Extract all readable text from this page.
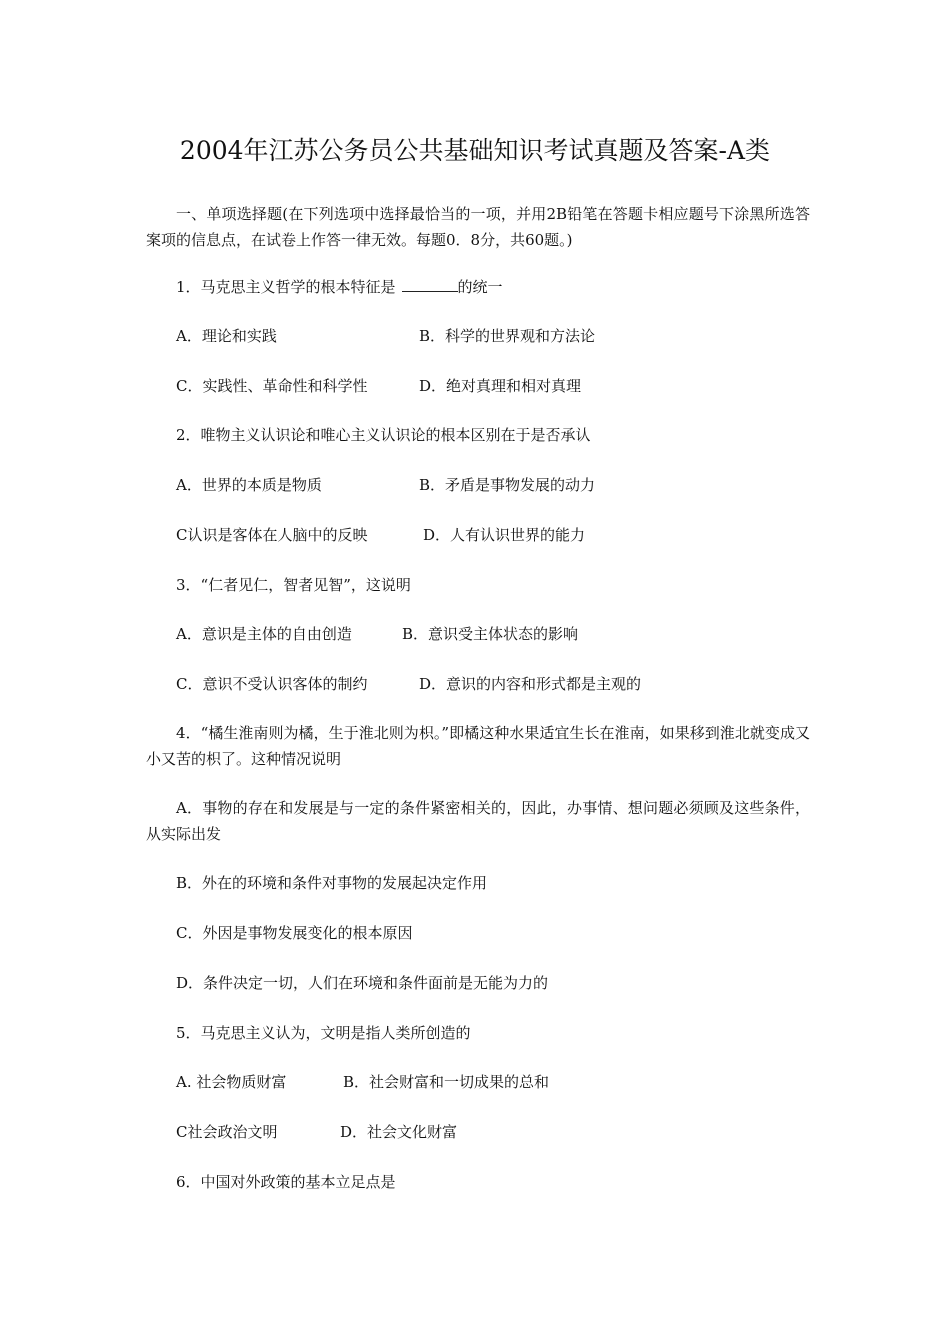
2004年江苏公务员公共基础知识考试真题及答案-A类
一、单项选择题(在下列选项中选择最恰当的一项，并用2B铅笔在答题卡相应题号下涂黑所选答案项的信息点，在试卷上作答一律无效。每题0．8分，共60题。)
1．马克思主义哲学的根本特征是	的统一
A．理论和实践	B．科学的世界观和方法论
C．实践性、革命性和科学性	D．绝对真理和相对真理
2．唯物主义认识论和唯心主义认识论的根本区别在于是否承认
A．世界的本质是物质	B．矛盾是事物发展的动力
C认识是客体在人脑中的反映	D．人有认识世界的能力
3．“仁者见仁，智者见智”，这说明
A．意识是主体的自由创造	B．意识受主体状态的影响
C．意识不受认识客体的制约	D．意识的内容和形式都是主观的
4．“橘生淮南则为橘，生于淮北则为枳。”即橘这种水果适宜生长在淮南，如果移到淮北就变成又小又苦的枳了。这种情况说明
A．事物的存在和发展是与一定的条件紧密相关的，因此，办事情、想问题必须顾及这些条件，从实际出发
B．外在的环境和条件对事物的发展起决定作用
C．外因是事物发展变化的根本原因
D．条件决定一切，人们在环境和条件面前是无能为力的
5．马克思主义认为，文明是指人类所创造的
A. 社会物质财富	B．社会财富和一切成果的总和
C社会政治文明	D．社会文化财富
6．中国对外政策的基本立足点是
